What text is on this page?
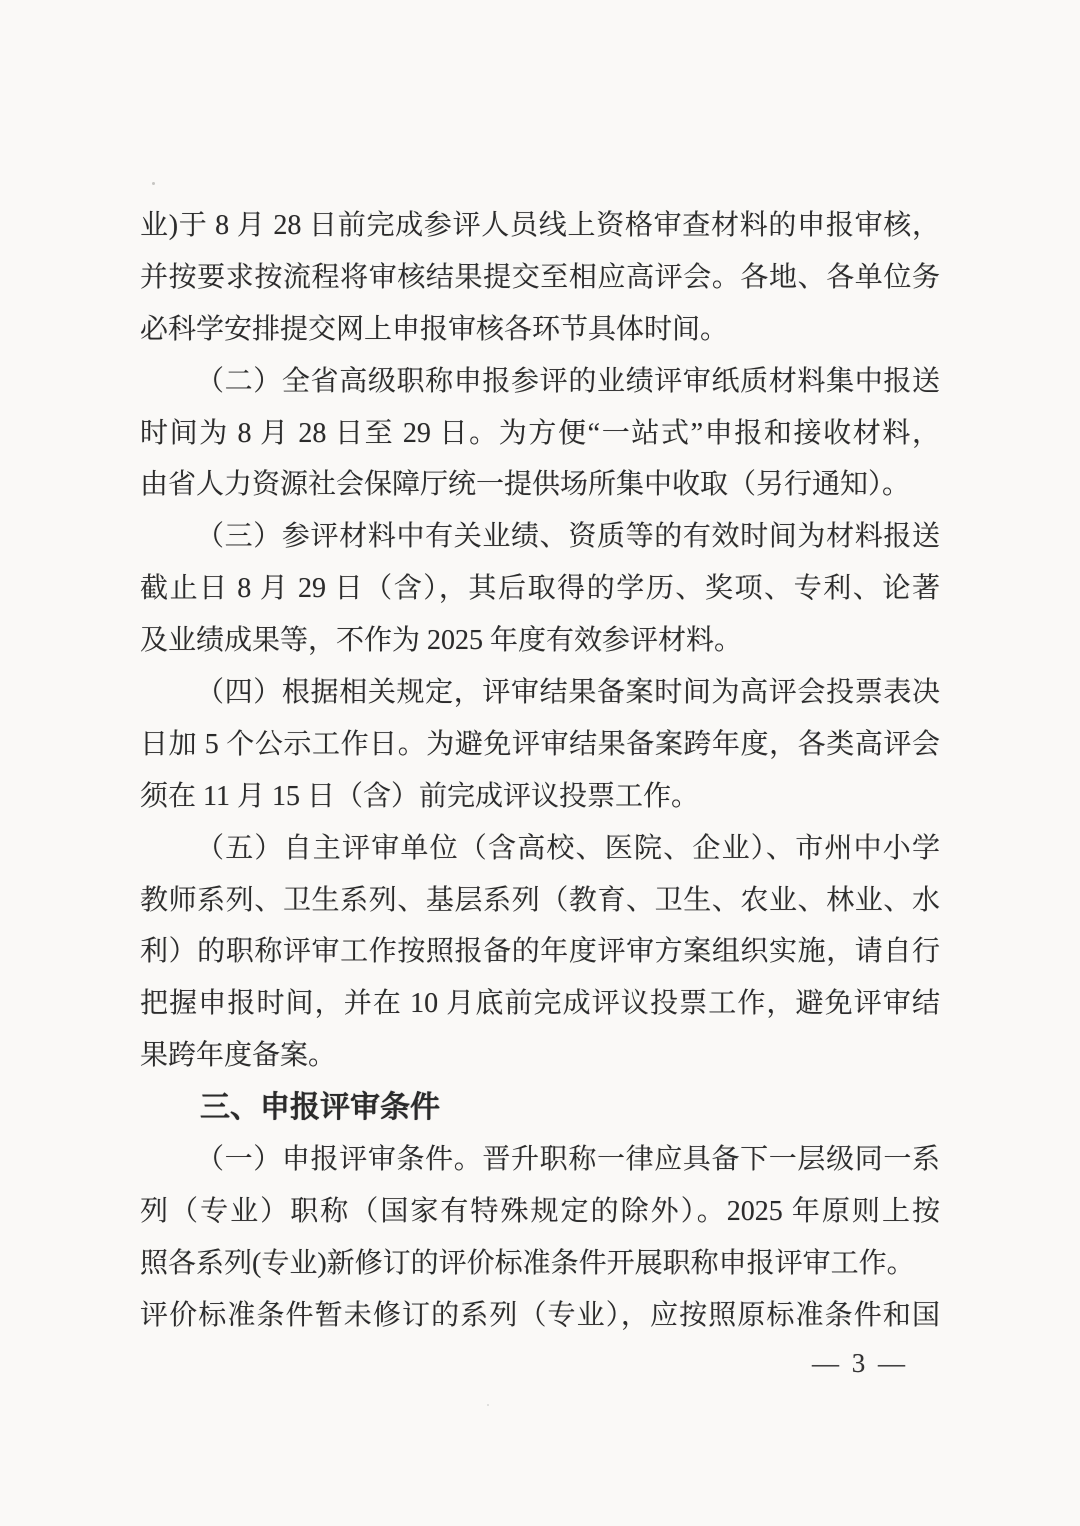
业)于 8 月 28 日前完成参评人员线上资格审查材料的申报审核，
并按要求按流程将审核结果提交至相应高评会。各地、各单位务
必科学安排提交网上申报审核各环节具体时间。
（二）全省高级职称申报参评的业绩评审纸质材料集中报送
时间为 8 月 28 日至 29 日。为方便“一站式”申报和接收材料，
由省人力资源社会保障厅统一提供场所集中收取（另行通知）。
（三）参评材料中有关业绩、资质等的有效时间为材料报送
截止日 8 月 29 日（含），其后取得的学历、奖项、专利、论著
及业绩成果等，不作为 2025 年度有效参评材料。
（四）根据相关规定，评审结果备案时间为高评会投票表决
日加 5 个公示工作日。为避免评审结果备案跨年度，各类高评会
须在 11 月 15 日（含）前完成评议投票工作。
（五）自主评审单位（含高校、医院、企业）、市州中小学
教师系列、卫生系列、基层系列（教育、卫生、农业、林业、水
利）的职称评审工作按照报备的年度评审方案组织实施，请自行
把握申报时间，并在 10 月底前完成评议投票工作，避免评审结
果跨年度备案。
三、申报评审条件
（一）申报评审条件。晋升职称一律应具备下一层级同一系
列（专业）职称（国家有特殊规定的除外）。2025 年原则上按
照各系列(专业)新修订的评价标准条件开展职称申报评审工作。
评价标准条件暂未修订的系列（专业），应按照原标准条件和国
— 3 —
